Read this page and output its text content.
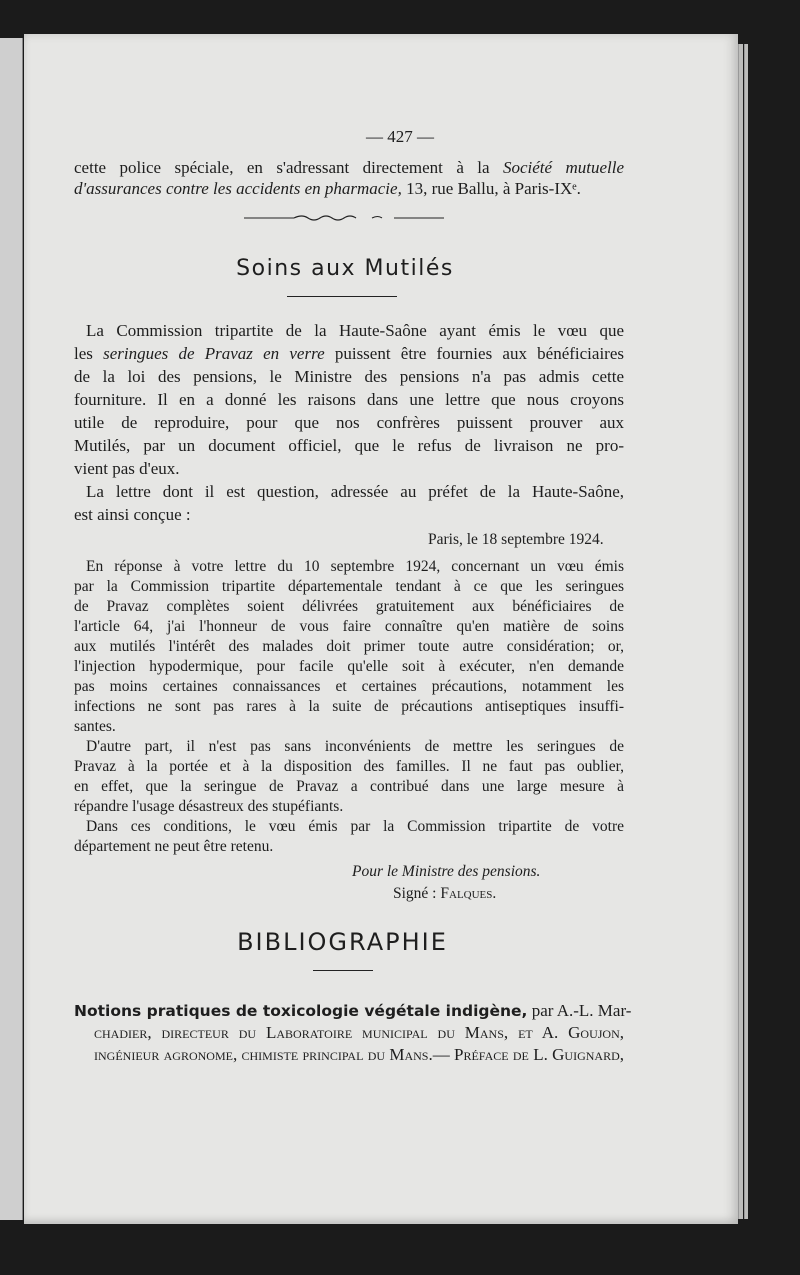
— 427 —
cette police spéciale, en s'adressant directement à la Société mutuelle
d'assurances contre les accidents en pharmacie, 13, rue Ballu, à Paris-IXᵉ.
Soins aux Mutilés
La Commission tripartite de la Haute-Saône ayant émis le vœu que
les seringues de Pravaz en verre puissent être fournies aux bénéficiaires
de la loi des pensions, le Ministre des pensions n'a pas admis cette
fourniture. Il en a donné les raisons dans une lettre que nous croyons
utile de reproduire, pour que nos confrères puissent prouver aux
Mutilés, par un document officiel, que le refus de livraison ne pro-
vient pas d'eux.
La lettre dont il est question, adressée au préfet de la Haute-Saône,
est ainsi conçue :
Paris, le 18 septembre 1924.
En réponse à votre lettre du 10 septembre 1924, concernant un vœu émis
par la Commission tripartite départementale tendant à ce que les seringues
de Pravaz complètes soient délivrées gratuitement aux bénéficiaires de
l'article 64, j'ai l'honneur de vous faire connaître qu'en matière de soins
aux mutilés l'intérêt des malades doit primer toute autre considération; or,
l'injection hypodermique, pour facile qu'elle soit à exécuter, n'en demande
pas moins certaines connaissances et certaines précautions, notamment les
infections ne sont pas rares à la suite de précautions antiseptiques insuffi-
santes.
D'autre part, il n'est pas sans inconvénients de mettre les seringues de
Pravaz à la portée et à la disposition des familles. Il ne faut pas oublier,
en effet, que la seringue de Pravaz a contribué dans une large mesure à
répandre l'usage désastreux des stupéfiants.
Dans ces conditions, le vœu émis par la Commission tripartite de votre
département ne peut être retenu.
Pour le Ministre des pensions.
Signé : Falques.
BIBLIOGRAPHIE
Notions pratiques de toxicologie végétale indigène, par A.-L. Mar-
chadier, directeur du Laboratoire municipal du Mans, et A. Goujon,
ingénieur agronome, chimiste principal du Mans.— Préface de L. Guignard,
